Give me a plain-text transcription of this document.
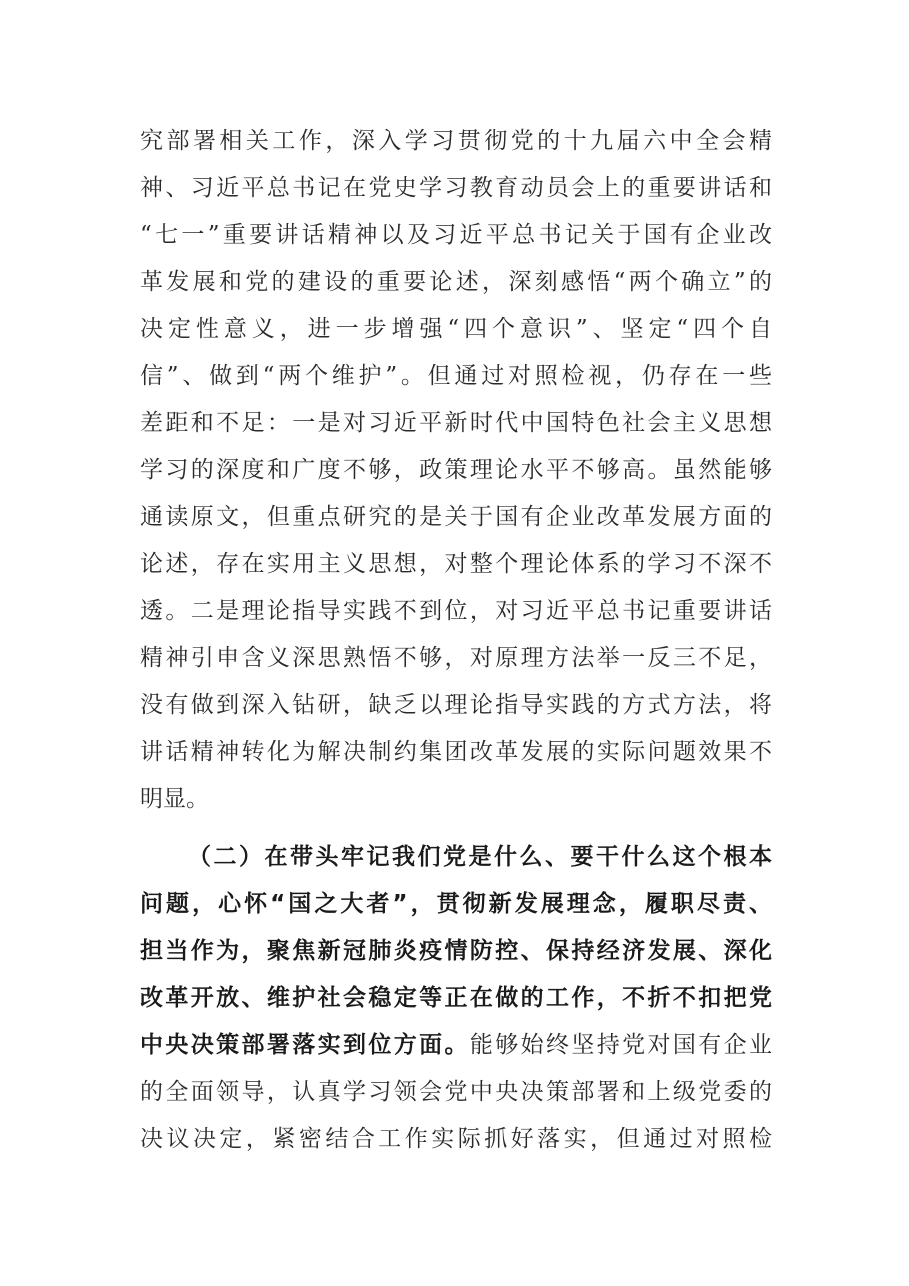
究部署相关工作，深入学习贯彻党的十九届六中全会精
神、习近平总书记在党史学习教育动员会上的重要讲话和
“七一”重要讲话精神以及习近平总书记关于国有企业改
革发展和党的建设的重要论述，深刻感悟“两个确立”的
决定性意义，进一步增强“四个意识”、坚定“四个自
信”、做到“两个维护”。但通过对照检视，仍存在一些
差距和不足：一是对习近平新时代中国特色社会主义思想
学习的深度和广度不够，政策理论水平不够高。虽然能够
通读原文，但重点研究的是关于国有企业改革发展方面的
论述，存在实用主义思想，对整个理论体系的学习不深不
透。二是理论指导实践不到位，对习近平总书记重要讲话
精神引申含义深思熟悟不够，对原理方法举一反三不足，
没有做到深入钻研，缺乏以理论指导实践的方式方法，将
讲话精神转化为解决制约集团改革发展的实际问题效果不
明显。
（二）在带头牢记我们党是什么、要干什么这个根本
问题，心怀“国之大者”，贯彻新发展理念，履职尽责、
担当作为，聚焦新冠肺炎疫情防控、保持经济发展、深化
改革开放、维护社会稳定等正在做的工作，不折不扣把党
中央决策部署落实到位方面。能够始终坚持党对国有企业
的全面领导，认真学习领会党中央决策部署和上级党委的
决议决定，紧密结合工作实际抓好落实，但通过对照检
